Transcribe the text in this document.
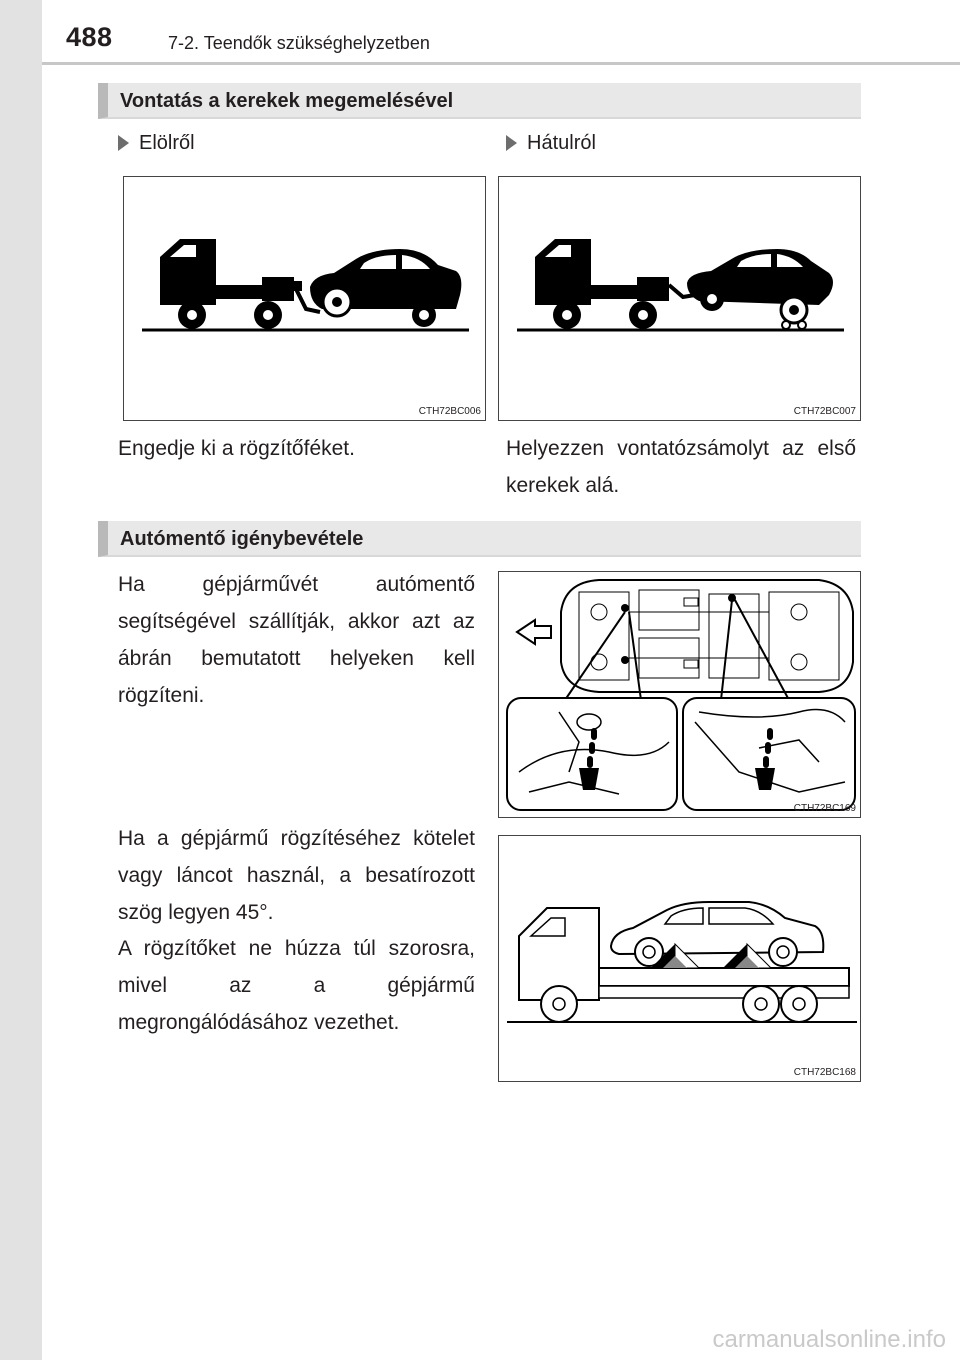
488	7-2. Teendők szükséghelyzetben
Vontatás a kerekek megemelésével
Elölről	Hátulról
CTH72BC006	CTH72BC007
Engedje ki a rögzítőféket.	Helyezzen vontatózsámolyt az első kerekek alá.
Autómentő igénybevétele
Ha gépjárművét autómentő segítségével szállítják, akkor azt az ábrán bemutatott helyeken kell rögzíteni.
CTH72BC169
Ha a gépjármű rögzítéséhez kötelet vagy láncot használ, a besatírozott szög legyen 45°.
A rögzítőket ne húzza túl szorosra, mivel az a gépjármű megrongálódásához vezethet.
CTH72BC168
carmanualsonline.info
